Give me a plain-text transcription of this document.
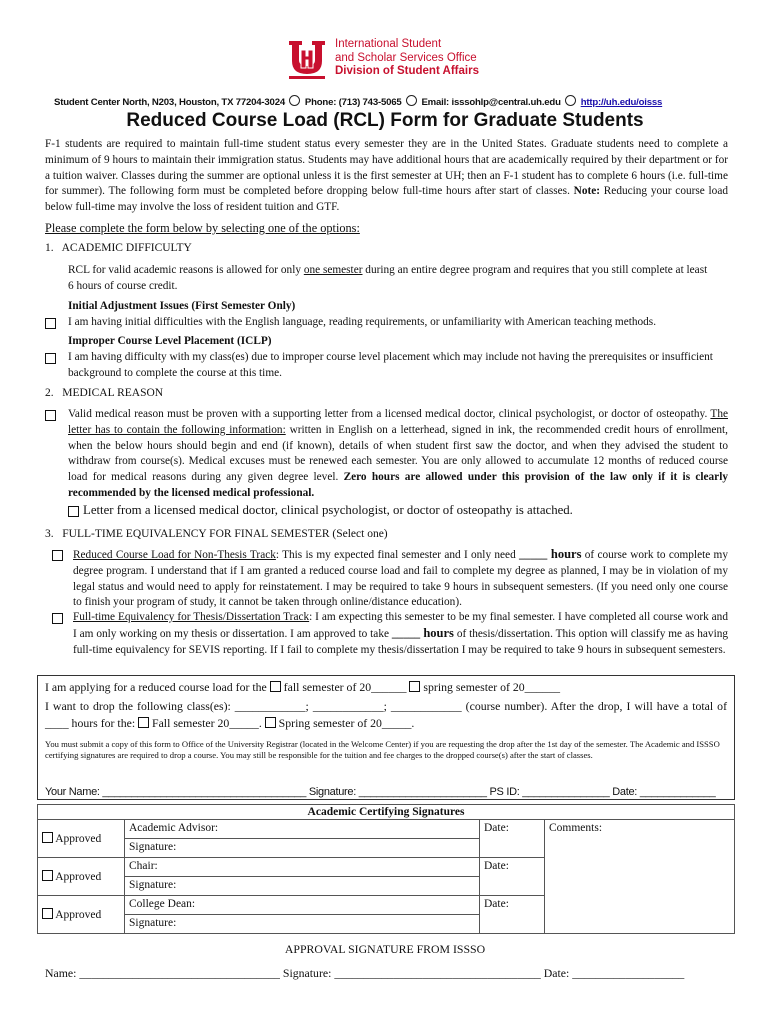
International Student
and Scholar Services Office
Division of Student Affairs
Student Center North, N203, Houston, TX 77204-3024 Phone: (713) 743-5065 Email: isssohlp@central.uh.edu http://uh.edu/oisss
Reduced Course Load (RCL) Form for Graduate Students
F-1 students are required to maintain full-time student status every semester they are in the United States. Graduate students need to complete a minimum of 9 hours to maintain their immigration status. Students may have additional hours that are academically required by their department or for a tuition waiver. Classes during the summer are optional unless it is the first semester at UH; then an F-1 student has to complete 6 hours (i.e. full-time for summer). The following form must be completed before dropping below full-time hours after start of classes. Note: Reducing your course load below full-time may involve the loss of resident tuition and GTF.
Please complete the form below by selecting one of the options:
1.   ACADEMIC DIFFICULTY
RCL for valid academic reasons is allowed for only one semester during an entire degree program and requires that you still complete at least 6 hours of course credit.
Initial Adjustment Issues (First Semester Only)
I am having initial difficulties with the English language, reading requirements, or unfamiliarity with American teaching methods.
Improper Course Level Placement (ICLP)
I am having difficulty with my class(es) due to improper course level placement which may include not having the prerequisites or insufficient background to complete the course at this time.
2.   MEDICAL REASON
Valid medical reason must be proven with a supporting letter from a licensed medical doctor, clinical psychologist, or doctor of osteopathy. The letter has to contain the following information: written in English on a letterhead, signed in ink, the recommended credit hours of enrollment, when the below hours should begin and end (if known), details of when student first saw the doctor, and when they advised the student to withdraw from course(s). Medical excuses must be renewed each semester. You are only allowed to accumulate 12 months of reduced course load for medical reasons during any given degree level. Zero hours are allowed under this provision of the law only if it is clearly recommended by the licensed medical professional.
Letter from a licensed medical doctor, clinical psychologist, or doctor of osteopathy is attached.
3.   FULL-TIME EQUIVALENCY FOR FINAL SEMESTER (Select one)
Reduced Course Load for Non-Thesis Track: This is my expected final semester and I only need _____ hours of course work to complete my degree program. I understand that if I am granted a reduced course load and fail to complete my degree as planned, I may be in violation of my legal status and would need to apply for reinstatement. I may be required to take 9 hours in subsequent semesters. (If you need only one course to finish your program of study, it cannot be taken through online/distance education).
Full-time Equivalency for Thesis/Dissertation Track: I am expecting this semester to be my final semester. I have completed all course work and I am only working on my thesis or dissertation. I am approved to take _____ hours of thesis/dissertation. This option will classify me as having full-time equivalency for SEVIS reporting. If I fail to complete my thesis/dissertation I may be required to take 9 hours in subsequent semesters.
I am applying for a reduced course load for the  fall semester of 20______  spring semester of 20______
I want to drop the following class(es): ____________; ____________; ____________ (course number). After the drop, I will have a total of ____ hours for the:  Fall semester 20_____.  Spring semester of 20_____.
You must submit a copy of this form to Office of the University Registrar (located in the Welcome Center) if you are requesting the drop after the 1st day of the semester. The Academic and ISSSO certifying signatures are required to drop a course. You may still be responsible for the tuition and fee charges to the dropped course(s) after the start of classes.
Your Name: ___________________________________ Signature: ______________________ PS ID: _______________ Date: _____________
Academic Certifying Signatures			
Approved	Academic Advisor:	Date:	Comments:
	Signature:		
Approved	Chair:	Date:	
	Signature:		
Approved	College Dean:	Date:	
	Signature:		
APPROVAL SIGNATURE FROM ISSSO
Name: __________________________________ Signature: ___________________________________ Date: ___________________
